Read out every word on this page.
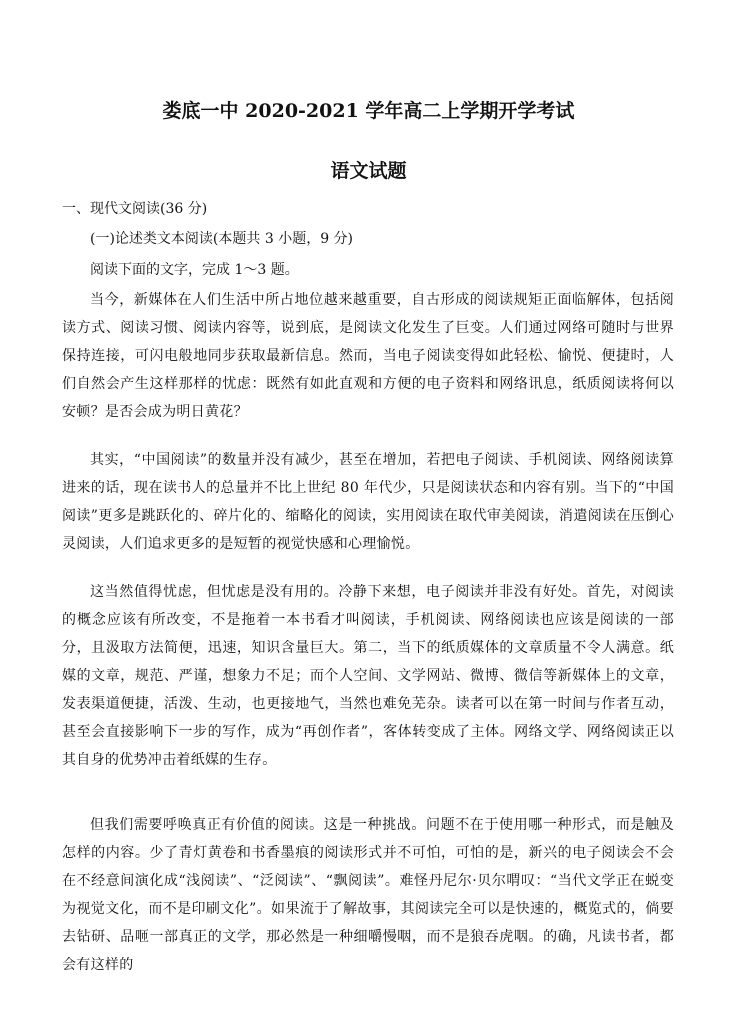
娄底一中 2020-2021 学年高二上学期开学考试
语文试题
一、现代文阅读(36 分)
(一)论述类文本阅读(本题共 3 小题，9 分)
阅读下面的文字，完成 1～3 题。
当今，新媒体在人们生活中所占地位越来越重要，自古形成的阅读规矩正面临解体，包括阅读方式、阅读习惯、阅读内容等，说到底，是阅读文化发生了巨变。人们通过网络可随时与世界保持连接，可闪电般地同步获取最新信息。然而，当电子阅读变得如此轻松、愉悦、便捷时，人们自然会产生这样那样的忧虑：既然有如此直观和方便的电子资料和网络讯息，纸质阅读将何以安顿？是否会成为明日黄花？
其实，“中国阅读”的数量并没有减少，甚至在增加，若把电子阅读、手机阅读、网络阅读算进来的话，现在读书人的总量并不比上世纪 80 年代少，只是阅读状态和内容有别。当下的“中国阅读”更多是跳跃化的、碎片化的、缩略化的阅读，实用阅读在取代审美阅读，消遣阅读在压倒心灵阅读，人们追求更多的是短暂的视觉快感和心理愉悦。
这当然值得忧虑，但忧虑是没有用的。冷静下来想，电子阅读并非没有好处。首先，对阅读的概念应该有所改变，不是拖着一本书看才叫阅读，手机阅读、网络阅读也应该是阅读的一部分，且汲取方法简便，迅速，知识含量巨大。第二，当下的纸质媒体的文章质量不令人满意。纸媒的文章，规范、严谨，想象力不足；而个人空间、文学网站、微博、微信等新媒体上的文章，发表渠道便捷，活泼、生动，也更接地气，当然也难免芜杂。读者可以在第一时间与作者互动，甚至会直接影响下一步的写作，成为“再创作者”，客体转变成了主体。网络文学、网络阅读正以其自身的优势冲击着纸媒的生存。
但我们需要呼唤真正有价值的阅读。这是一种挑战。问题不在于使用哪一种形式，而是触及怎样的内容。少了青灯黄卷和书香墨痕的阅读形式并不可怕，可怕的是，新兴的电子阅读会不会在不经意间演化成“浅阅读”、“泛阅读”、“飘阅读”。难怪丹尼尔·贝尔喟叹：“当代文学正在蜕变为视觉文化，而不是印刷文化”。如果流于了解故事，其阅读完全可以是快速的，概览式的，倘要去钻研、品咂一部真正的文学，那必然是一种细嚼慢咽，而不是狼吞虎咽。的确，凡读书者，都会有这样的
